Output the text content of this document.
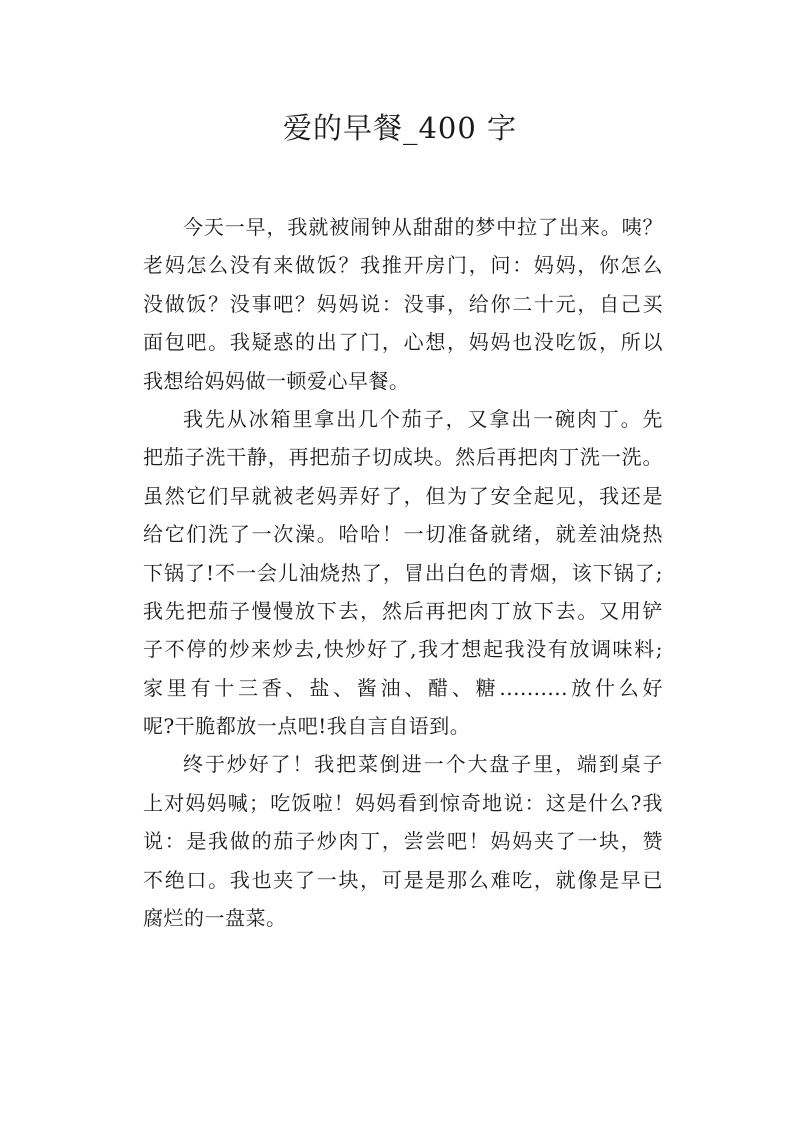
爱的早餐_400 字
今天一早，我就被闹钟从甜甜的梦中拉了出来。咦？
老妈怎么没有来做饭？我推开房门，问：妈妈，你怎么
没做饭？没事吧？妈妈说：没事，给你二十元，自己买
面包吧。我疑惑的出了门，心想，妈妈也没吃饭，所以
我想给妈妈做一顿爱心早餐。
我先从冰箱里拿出几个茄子，又拿出一碗肉丁。先
把茄子洗干静，再把茄子切成块。然后再把肉丁洗一洗。
虽然它们早就被老妈弄好了，但为了安全起见，我还是
给它们洗了一次澡。哈哈！一切准备就绪，就差油烧热
下锅了!不一会儿油烧热了，冒出白色的青烟，该下锅了;
我先把茄子慢慢放下去，然后再把肉丁放下去。又用铲
子不停的炒来炒去,快炒好了,我才想起我没有放调味料;
家里有十三香、盐、酱油、醋、糖..........放什么好
呢?干脆都放一点吧!我自言自语到。
终于炒好了！我把菜倒进一个大盘子里，端到桌子
上对妈妈喊；吃饭啦！妈妈看到惊奇地说：这是什么?我
说：是我做的茄子炒肉丁，尝尝吧！妈妈夹了一块，赞
不绝口。我也夹了一块，可是是那么难吃，就像是早已
腐烂的一盘菜。
